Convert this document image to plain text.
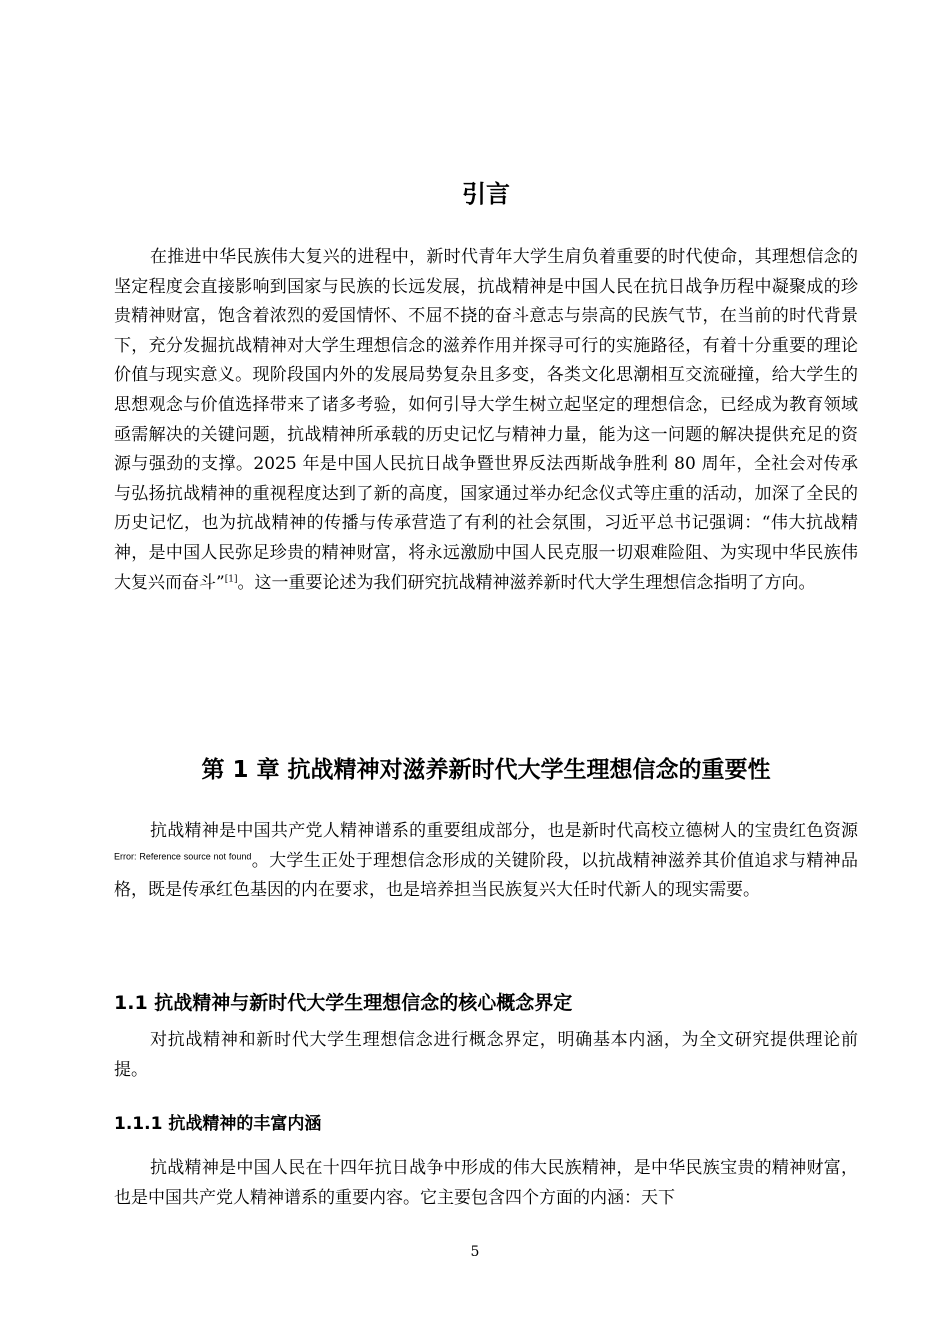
引言

在推进中华民族伟大复兴的进程中，新时代青年大学生肩负着重要的时代使命，其理想信念的坚定程度会直接影响到国家与民族的长远发展，抗战精神是中国人民在抗日战争历程中凝聚成的珍贵精神财富，饱含着浓烈的爱国情怀、不屈不挠的奋斗意志与崇高的民族气节，在当前的时代背景下，充分发掘抗战精神对大学生理想信念的滋养作用并探寻可行的实施路径，有着十分重要的理论价值与现实意义。现阶段国内外的发展局势复杂且多变，各类文化思潮相互交流碰撞，给大学生的思想观念与价值选择带来了诸多考验，如何引导大学生树立起坚定的理想信念，已经成为教育领域亟需解决的关键问题，抗战精神所承载的历史记忆与精神力量，能为这一问题的解决提供充足的资源与强劲的支撑。2025 年是中国人民抗日战争暨世界反法西斯战争胜利 80 周年，全社会对传承与弘扬抗战精神的重视程度达到了新的高度，国家通过举办纪念仪式等庄重的活动，加深了全民的历史记忆，也为抗战精神的传播与传承营造了有利的社会氛围，习近平总书记强调：“伟大抗战精神，是中国人民弥足珍贵的精神财富，将永远激励中国人民克服一切艰难险阻、为实现中华民族伟大复兴而奋斗”[1]。这一重要论述为我们研究抗战精神滋养新时代大学生理想信念指明了方向。

第 1 章 抗战精神对滋养新时代大学生理想信念的重要性

抗战精神是中国共产党人精神谱系的重要组成部分，也是新时代高校立德树人的宝贵红色资源$^{Error: Reference source not found}$。大学生正处于理想信念形成的关键阶段，以抗战精神滋养其价值追求与精神品格，既是传承红色基因的内在要求，也是培养担当民族复兴大任时代新人的现实需要。

1.1 抗战精神与新时代大学生理想信念的核心概念界定

对抗战精神和新时代大学生理想信念进行概念界定，明确基本内涵，为全文研究提供理论前提。

1.1.1 抗战精神的丰富内涵

抗战精神是中国人民在十四年抗日战争中形成的伟大民族精神，是中华民族宝贵的精神财富，也是中国共产党人精神谱系的重要内容。它主要包含四个方面的内涵：天下

5
